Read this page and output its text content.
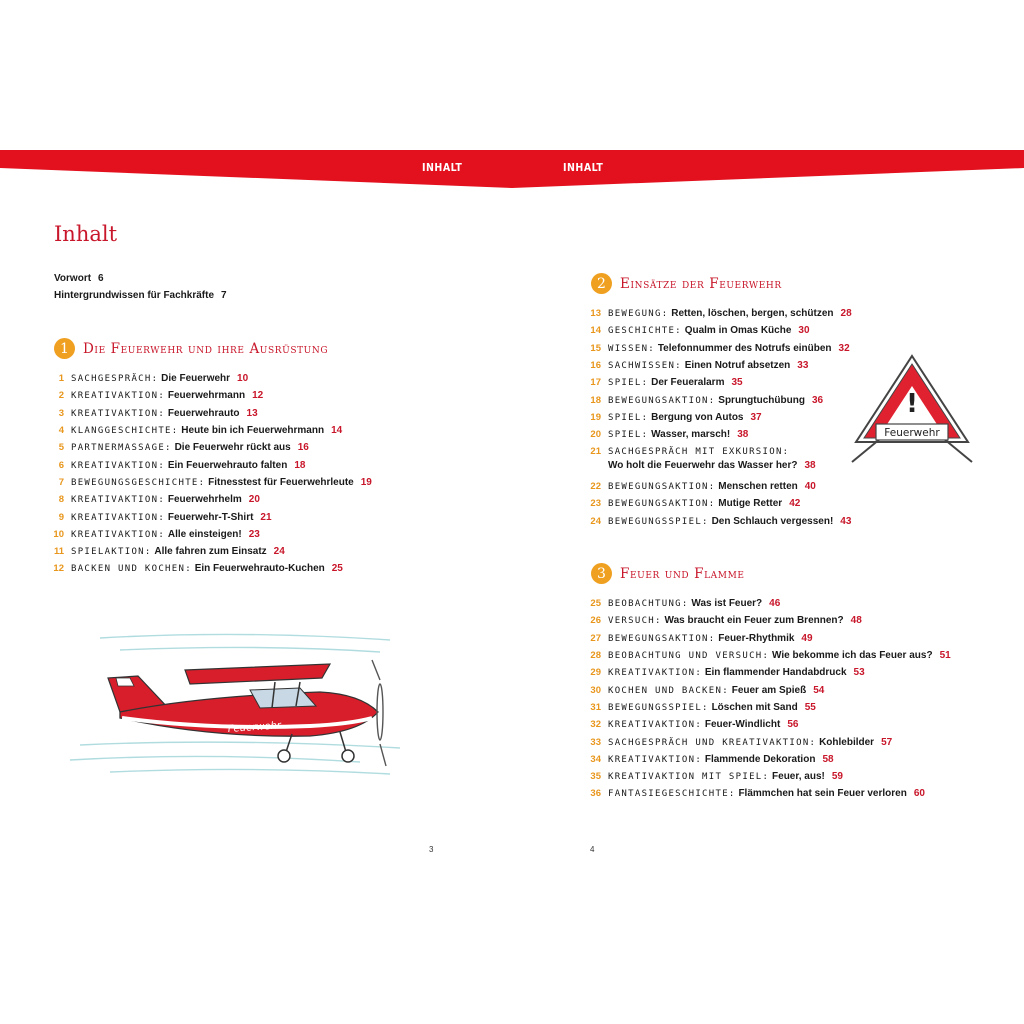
INHALT	INHALT
Inhalt
Vorwort 6
Hintergrundwissen für Fachkräfte 7
1	Die Feuerwehr und ihre Ausrüstung
2	Einsätze der Feuerwehr
3	Feuer und Flamme
1 SACHGESPRÄCH: Die Feuerwehr 10
2 KREATIVAKTION: Feuerwehrmann 12
3 KREATIVAKTION: Feuerwehrauto 13
4 KLANGGESCHICHTE: Heute bin ich Feuerwehrmann 14
5 PARTNERMASSAGE: Die Feuerwehr rückt aus 16
6 KREATIVAKTION: Ein Feuerwehrauto falten 18
7 BEWEGUNGSGESCHICHTE: Fitnesstest für Feuerwehrleute 19
8 KREATIVAKTION: Feuerwehrhelm 20
9 KREATIVAKTION: Feuerwehr-T-Shirt 21
10 KREATIVAKTION: Alle einsteigen! 23
11 SPIELAKTION: Alle fahren zum Einsatz 24
12 BACKEN UND KOCHEN: Ein Feuerwehrauto-Kuchen 25
13 BEWEGUNG: Retten, löschen, bergen, schützen 28
14 GESCHICHTE: Qualm in Omas Küche 30
15 WISSEN: Telefonnummer des Notrufs einüben 32
16 SACHWISSEN: Einen Notruf absetzen 33
17 SPIEL: Der Feueralarm 35
18 BEWEGUNGSAKTION: Sprungtuchübung 36
19 SPIEL: Bergung von Autos 37
20 SPIEL: Wasser, marsch! 38
21 SACHGESPRÄCH MIT EXKURSION:
Wo holt die Feuerwehr das Wasser her? 38
22 BEWEGUNGSAKTION: Menschen retten 40
23 BEWEGUNGSAKTION: Mutige Retter 42
24 BEWEGUNGSSPIEL: Den Schlauch vergessen! 43
25 BEOBACHTUNG: Was ist Feuer? 46
26 VERSUCH: Was braucht ein Feuer zum Brennen? 48
27 BEWEGUNGSAKTION: Feuer-Rhythmik 49
28 BEOBACHTUNG UND VERSUCH: Wie bekomme ich das Feuer aus? 51
29 KREATIVAKTION: Ein flammender Handabdruck 53
30 KOCHEN UND BACKEN: Feuer am Spieß 54
31 BEWEGUNGSSPIEL: Löschen mit Sand 55
32 KREATIVAKTION: Feuer-Windlicht 56
33 SACHGESPRÄCH UND KREATIVAKTION: Kohlebilder 57
34 KREATIVAKTION: Flammende Dekoration 58
35 KREATIVAKTION MIT SPIEL: Feuer, aus! 59
36 FANTASIEGESCHICHTE: Flämmchen hat sein Feuer verloren 60
Feuerwehr
!
Feuerwehr
3	4
